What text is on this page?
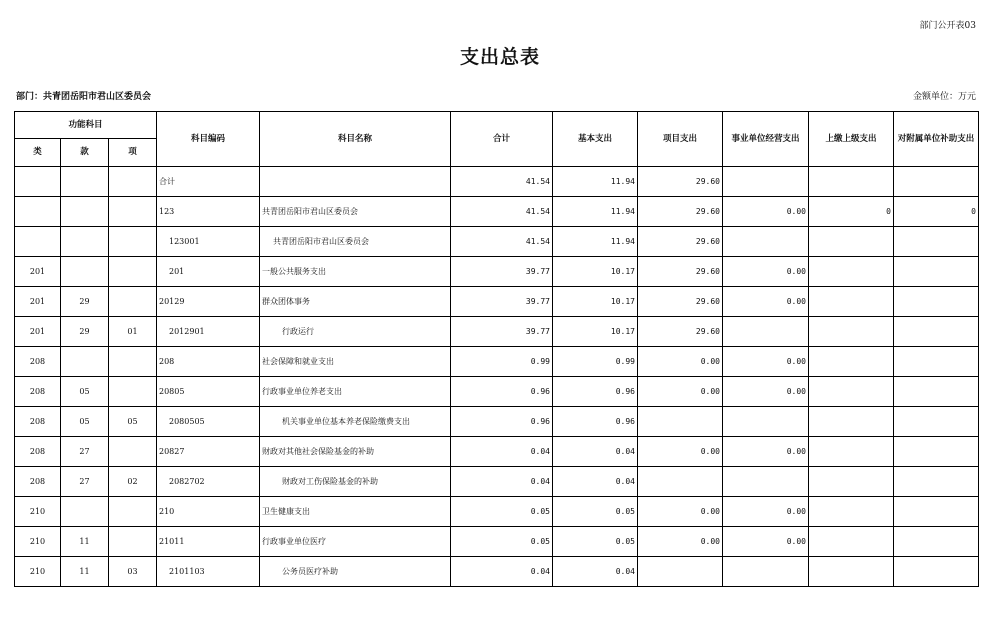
部门公开表03
支出总表
部门：共青团岳阳市君山区委员会	金额单位：万元
功能科目			科目编码	科目名称	合计	基本支出	项目支出	事业单位经营支出	上缴上级支出	对附属单位补助支出
类	款	项								
			合计		41.54	11.94	29.60			
			123	共青团岳阳市君山区委员会	41.54	11.94	29.60	0.00	0	0
			123001	共青团岳阳市君山区委员会	41.54	11.94	29.60			
201			201	一般公共服务支出	39.77	10.17	29.60	0.00		
201	29		20129	群众团体事务	39.77	10.17	29.60	0.00		
201	29	01	2012901	行政运行	39.77	10.17	29.60			
208			208	社会保障和就业支出	0.99	0.99	0.00	0.00		
208	05		20805	行政事业单位养老支出	0.96	0.96	0.00	0.00		
208	05	05	2080505	机关事业单位基本养老保险缴费支出	0.96	0.96				
208	27		20827	财政对其他社会保险基金的补助	0.04	0.04	0.00	0.00		
208	27	02	2082702	财政对工伤保险基金的补助	0.04	0.04				
210			210	卫生健康支出	0.05	0.05	0.00	0.00		
210	11		21011	行政事业单位医疗	0.05	0.05	0.00	0.00		
210	11	03	2101103	公务员医疗补助	0.04	0.04				
